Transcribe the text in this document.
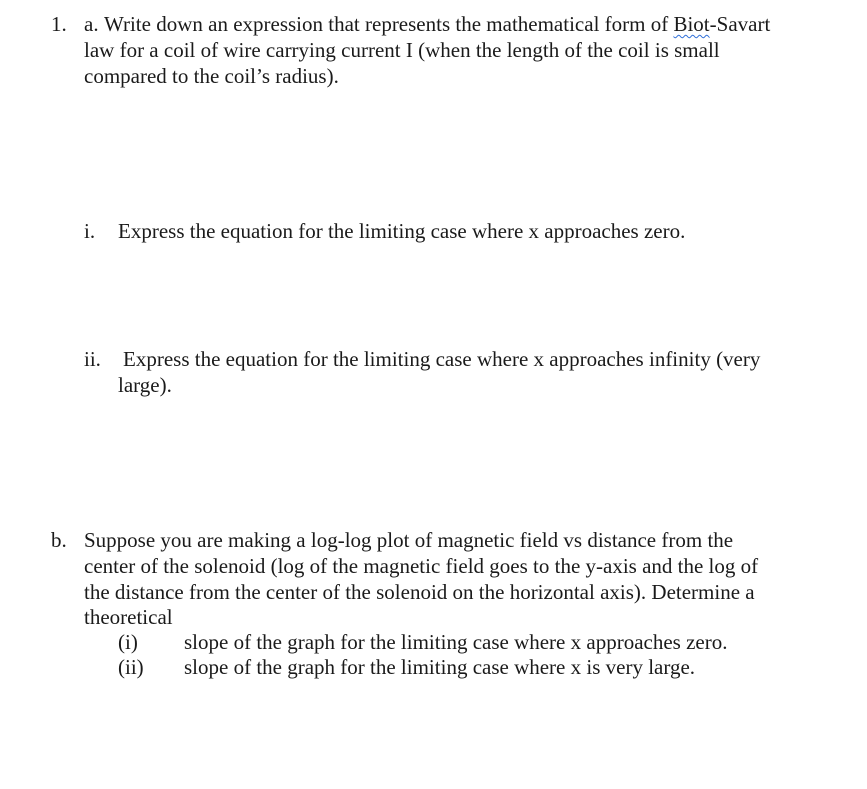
1. a. Write down an expression that represents the mathematical form of Biot-Savart
law for a coil of wire carrying current I (when the length of the coil is small
compared to the coil’s radius).
i. Express the equation for the limiting case where x approaches zero.
ii. Express the equation for the limiting case where x approaches infinity (very
large).
b. Suppose you are making a log-log plot of magnetic field vs distance from the
center of the solenoid (log of the magnetic field goes to the y-axis and the log of
the distance from the center of the solenoid on the horizontal axis). Determine a
theoretical
(i) slope of the graph for the limiting case where x approaches zero.
(ii) slope of the graph for the limiting case where x is very large.
